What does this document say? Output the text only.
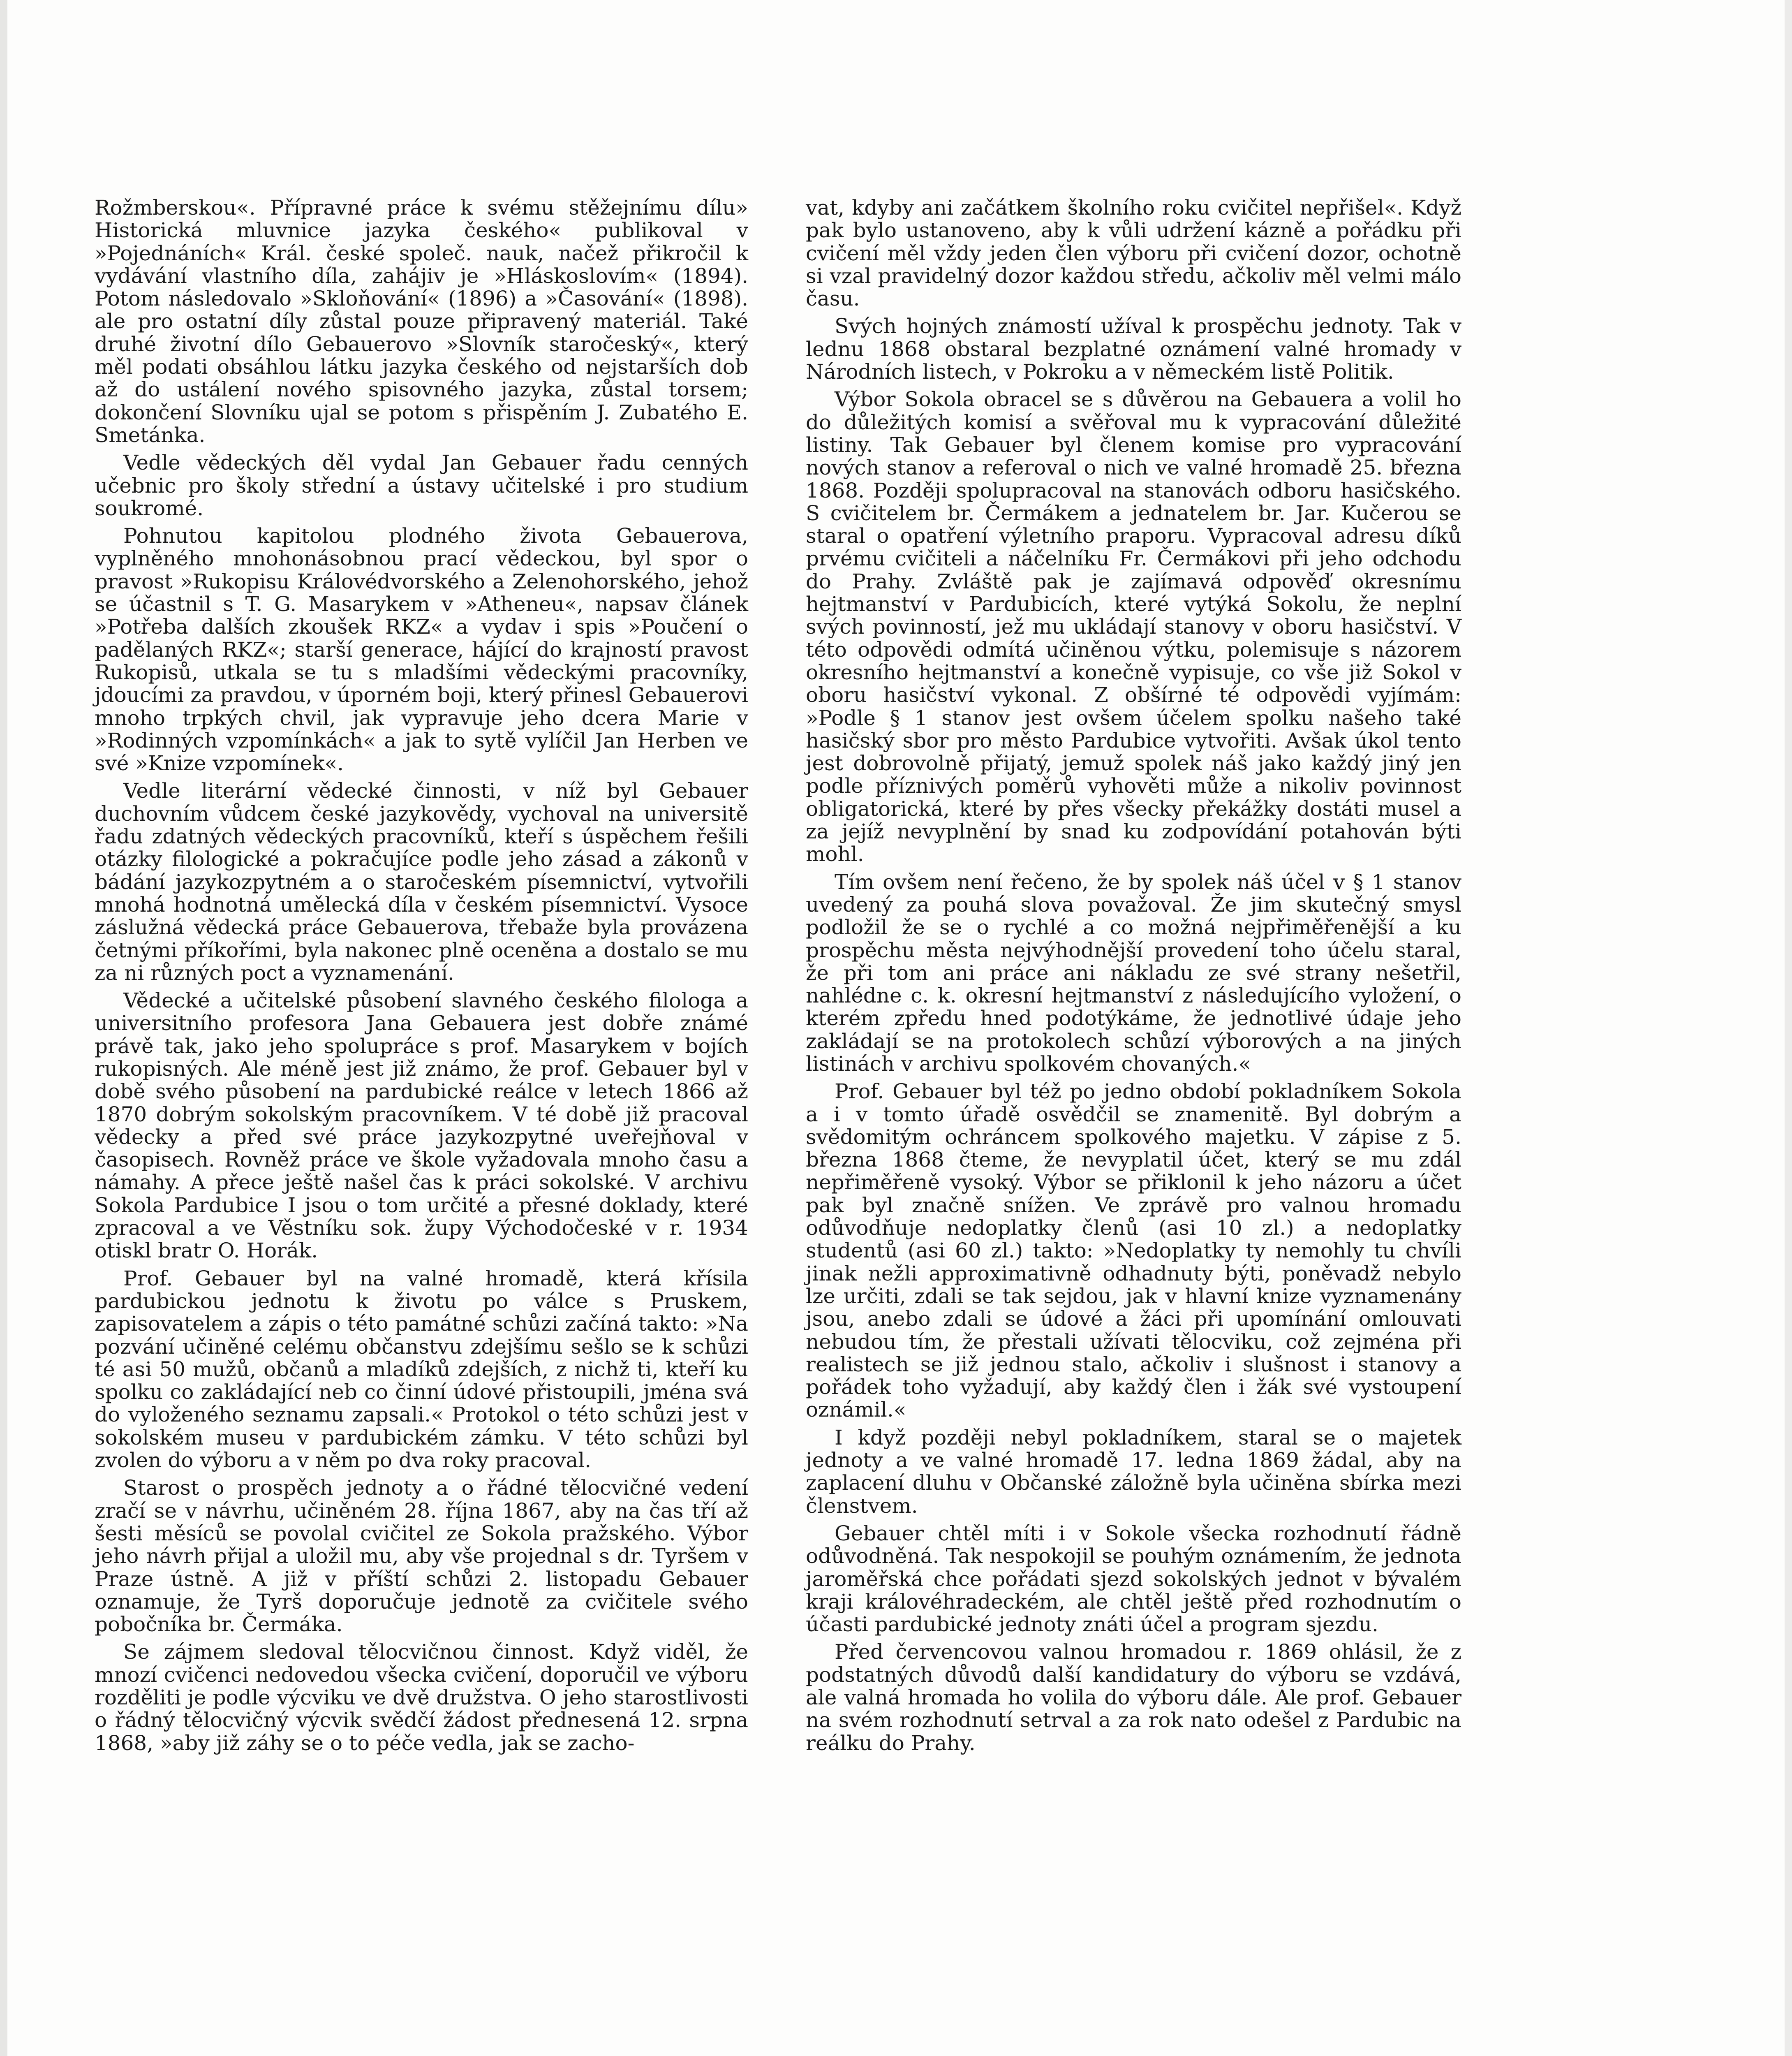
Rožmberskou«. Přípravné práce k svému stěžejnímu dílu» Historická mluvnice jazyka českého« publikoval v »Pojednáních« Král. české společ. nauk, načež přikročil k vydávání vlastního díla, zahájiv je »Hláskoslovím« (1894). Potom následovalo »Skloňování« (1896) a »Časování« (1898). ale pro ostatní díly zůstal pouze připravený materiál. Také druhé životní dílo Gebauerovo »Slovník staročeský«, který měl podati obsáhlou látku jazyka českého od nejstarších dob až do ustálení nového spisovného jazyka, zůstal torsem; dokončení Slovníku ujal se potom s přispěním J. Zubatého E. Smetánka.

Vedle vědeckých děl vydal Jan Gebauer řadu cenných učebnic pro školy střední a ústavy učitelské i pro studium soukromé.

Pohnutou kapitolou plodného života Gebauerova, vyplněného mnohonásobnou prací vědeckou, byl spor o pravost »Rukopisu Královédvorského a Zelenohorského, jehož se účastnil s T. G. Masarykem v »Atheneu«, napsav článek »Potřeba dalších zkoušek RKZ« a vydav i spis »Poučení o padělaných RKZ«; starší generace, hájící do krajností pravost Rukopisů, utkala se tu s mladšími vědeckými pracovníky, jdoucími za pravdou, v úporném boji, který přinesl Gebauerovi mnoho trpkých chvil, jak vypravuje jeho dcera Marie v »Rodinných vzpomínkách« a jak to sytě vylíčil Jan Herben ve své »Knize vzpomínek«.

Vedle literární vědecké činnosti, v níž byl Gebauer duchovním vůdcem české jazykovědy, vychoval na universitě řadu zdatných vědeckých pracovníků, kteří s úspěchem řešili otázky filologické a pokračujíce podle jeho zásad a zákonů v bádání jazykozpytném a o staročeském písemnictví, vytvořili mnohá hodnotná umělecká díla v českém písemnictví. Vysoce záslužná vědecká práce Gebauerova, třebaže byla provázena četnými příkořími, byla nakonec plně oceněna a dostalo se mu za ni různých poct a vyznamenání.

Vědecké a učitelské působení slavného českého filologa a universitního profesora Jana Gebauera jest dobře známé právě tak, jako jeho spolupráce s prof. Masarykem v bojích rukopisných. Ale méně jest již známo, že prof. Gebauer byl v době svého působení na pardubické reálce v letech 1866 až 1870 dobrým sokolským pracovníkem. V té době již pracoval vědecky a před své práce jazykozpytné uveřejňoval v časopisech. Rovněž práce ve škole vyžadovala mnoho času a námahy. A přece ještě našel čas k práci sokolské. V archivu Sokola Pardubice I jsou o tom určité a přesné doklady, které zpracoval a ve Věstníku sok. župy Východočeské v r. 1934 otiskl bratr O. Horák.

Prof. Gebauer byl na valné hromadě, která křísila pardubickou jednotu k životu po válce s Pruskem, zapisovatelem a zápis o této památné schůzi začíná takto: »Na pozvání učiněné celému občanstvu zdejšímu sešlo se k schůzi té asi 50 mužů, občanů a mladíků zdejších, z nichž ti, kteří ku spolku co zakládající neb co činní údové přistoupili, jména svá do vyloženého seznamu zapsali.« Protokol o této schůzi jest v sokolském museu v pardubickém zámku. V této schůzi byl zvolen do výboru a v něm po dva roky pracoval.

Starost o prospěch jednoty a o řádné tělocvičné vedení zračí se v návrhu, učiněném 28. října 1867, aby na čas tří až šesti měsíců se povolal cvičitel ze Sokola pražského. Výbor jeho návrh přijal a uložil mu, aby vše projednal s dr. Tyršem v Praze ústně. A již v příští schůzi 2. listopadu Gebauer oznamuje, že Tyrš doporučuje jednotě za cvičitele svého pobočníka br. Čermáka.

Se zájmem sledoval tělocvičnou činnost. Když viděl, že mnozí cvičenci nedovedou všecka cvičení, doporučil ve výboru rozděliti je podle výcviku ve dvě družstva. O jeho starostlivosti o řádný tělocvičný výcvik svědčí žádost přednesená 12. srpna 1868, »aby již záhy se o to péče vedla, jak se zacho-

vat, kdyby ani začátkem školního roku cvičitel nepřišel«. Když pak bylo ustanoveno, aby k vůli udržení kázně a pořádku při cvičení měl vždy jeden člen výboru při cvičení dozor, ochotně si vzal pravidelný dozor každou středu, ačkoliv měl velmi málo času.

Svých hojných známostí užíval k prospěchu jednoty. Tak v lednu 1868 obstaral bezplatné oznámení valné hromady v Národních listech, v Pokroku a v německém listě Politik.

Výbor Sokola obracel se s důvěrou na Gebauera a volil ho do důležitých komisí a svěřoval mu k vypracování důležité listiny. Tak Gebauer byl členem komise pro vypracování nových stanov a referoval o nich ve valné hromadě 25. března 1868. Později spolupracoval na stanovách odboru hasičského. S cvičitelem br. Čermákem a jednatelem br. Jar. Kučerou se staral o opatření výletního praporu. Vypracoval adresu díků prvému cvičiteli a náčelníku Fr. Čermákovi při jeho odchodu do Prahy. Zvláště pak je zajímavá odpověď okresnímu hejtmanství v Pardubicích, které vytýká Sokolu, že neplní svých povinností, jež mu ukládají stanovy v oboru hasičství. V této odpovědi odmítá učiněnou výtku, polemisuje s názorem okresního hejtmanství a konečně vypisuje, co vše již Sokol v oboru hasičství vykonal. Z obšírné té odpovědi vyjímám: »Podle § 1 stanov jest ovšem účelem spolku našeho také hasičský sbor pro město Pardubice vytvořiti. Avšak úkol tento jest dobrovolně přijatý, jemuž spolek náš jako každý jiný jen podle příznivých poměrů vyhověti může a nikoliv povinnost obligatorická, které by přes všecky překážky dostáti musel a za jejíž nevyplnění by snad ku zodpovídání potahován býti mohl.

Tím ovšem není řečeno, že by spolek náš účel v § 1 stanov uvedený za pouhá slova považoval. Že jim skutečný smysl podložil že se o rychlé a co možná nejpřiměřenější a ku prospěchu města nejvýhodnější provedení toho účelu staral, že při tom ani práce ani nákladu ze své strany nešetřil, nahlédne c. k. okresní hejtmanství z následujícího vyložení, o kterém zpředu hned podotýkáme, že jednotlivé údaje jeho zakládají se na protokolech schůzí výborových a na jiných listinách v archivu spolkovém chovaných.«

Prof. Gebauer byl též po jedno období pokladníkem Sokola a i v tomto úřadě osvědčil se znamenitě. Byl dobrým a svědomitým ochráncem spolkového majetku. V zápise z 5. března 1868 čteme, že nevyplatil účet, který se mu zdál nepřiměřeně vysoký. Výbor se přiklonil k jeho názoru a účet pak byl značně snížen. Ve zprávě pro valnou hromadu odůvodňuje nedoplatky členů (asi 10 zl.) a nedoplatky studentů (asi 60 zl.) takto: »Nedoplatky ty nemohly tu chvíli jinak nežli approximativně odhadnuty býti, poněvadž nebylo lze určiti, zdali se tak sejdou, jak v hlavní knize vyznamenány jsou, anebo zdali se údové a žáci při upomínání omlouvati nebudou tím, že přestali užívati tělocviku, což zejména při realistech se již jednou stalo, ačkoliv i slušnost i stanovy a pořádek toho vyžadují, aby každý člen i žák své vystoupení oznámil.«

I když později nebyl pokladníkem, staral se o majetek jednoty a ve valné hromadě 17. ledna 1869 žádal, aby na zaplacení dluhu v Občanské záložně byla učiněna sbírka mezi členstvem.

Gebauer chtěl míti i v Sokole všecka rozhodnutí řádně odůvodněná. Tak nespokojil se pouhým oznámením, že jednota jaroměřská chce pořádati sjezd sokolských jednot v bývalém kraji královéhradeckém, ale chtěl ještě před rozhodnutím o účasti pardubické jednoty znáti účel a program sjezdu.

Před červencovou valnou hromadou r. 1869 ohlásil, že z podstatných důvodů další kandidatury do výboru se vzdává, ale valná hromada ho volila do výboru dále. Ale prof. Gebauer na svém rozhodnutí setrval a za rok nato odešel z Pardubic na reálku do Prahy.
